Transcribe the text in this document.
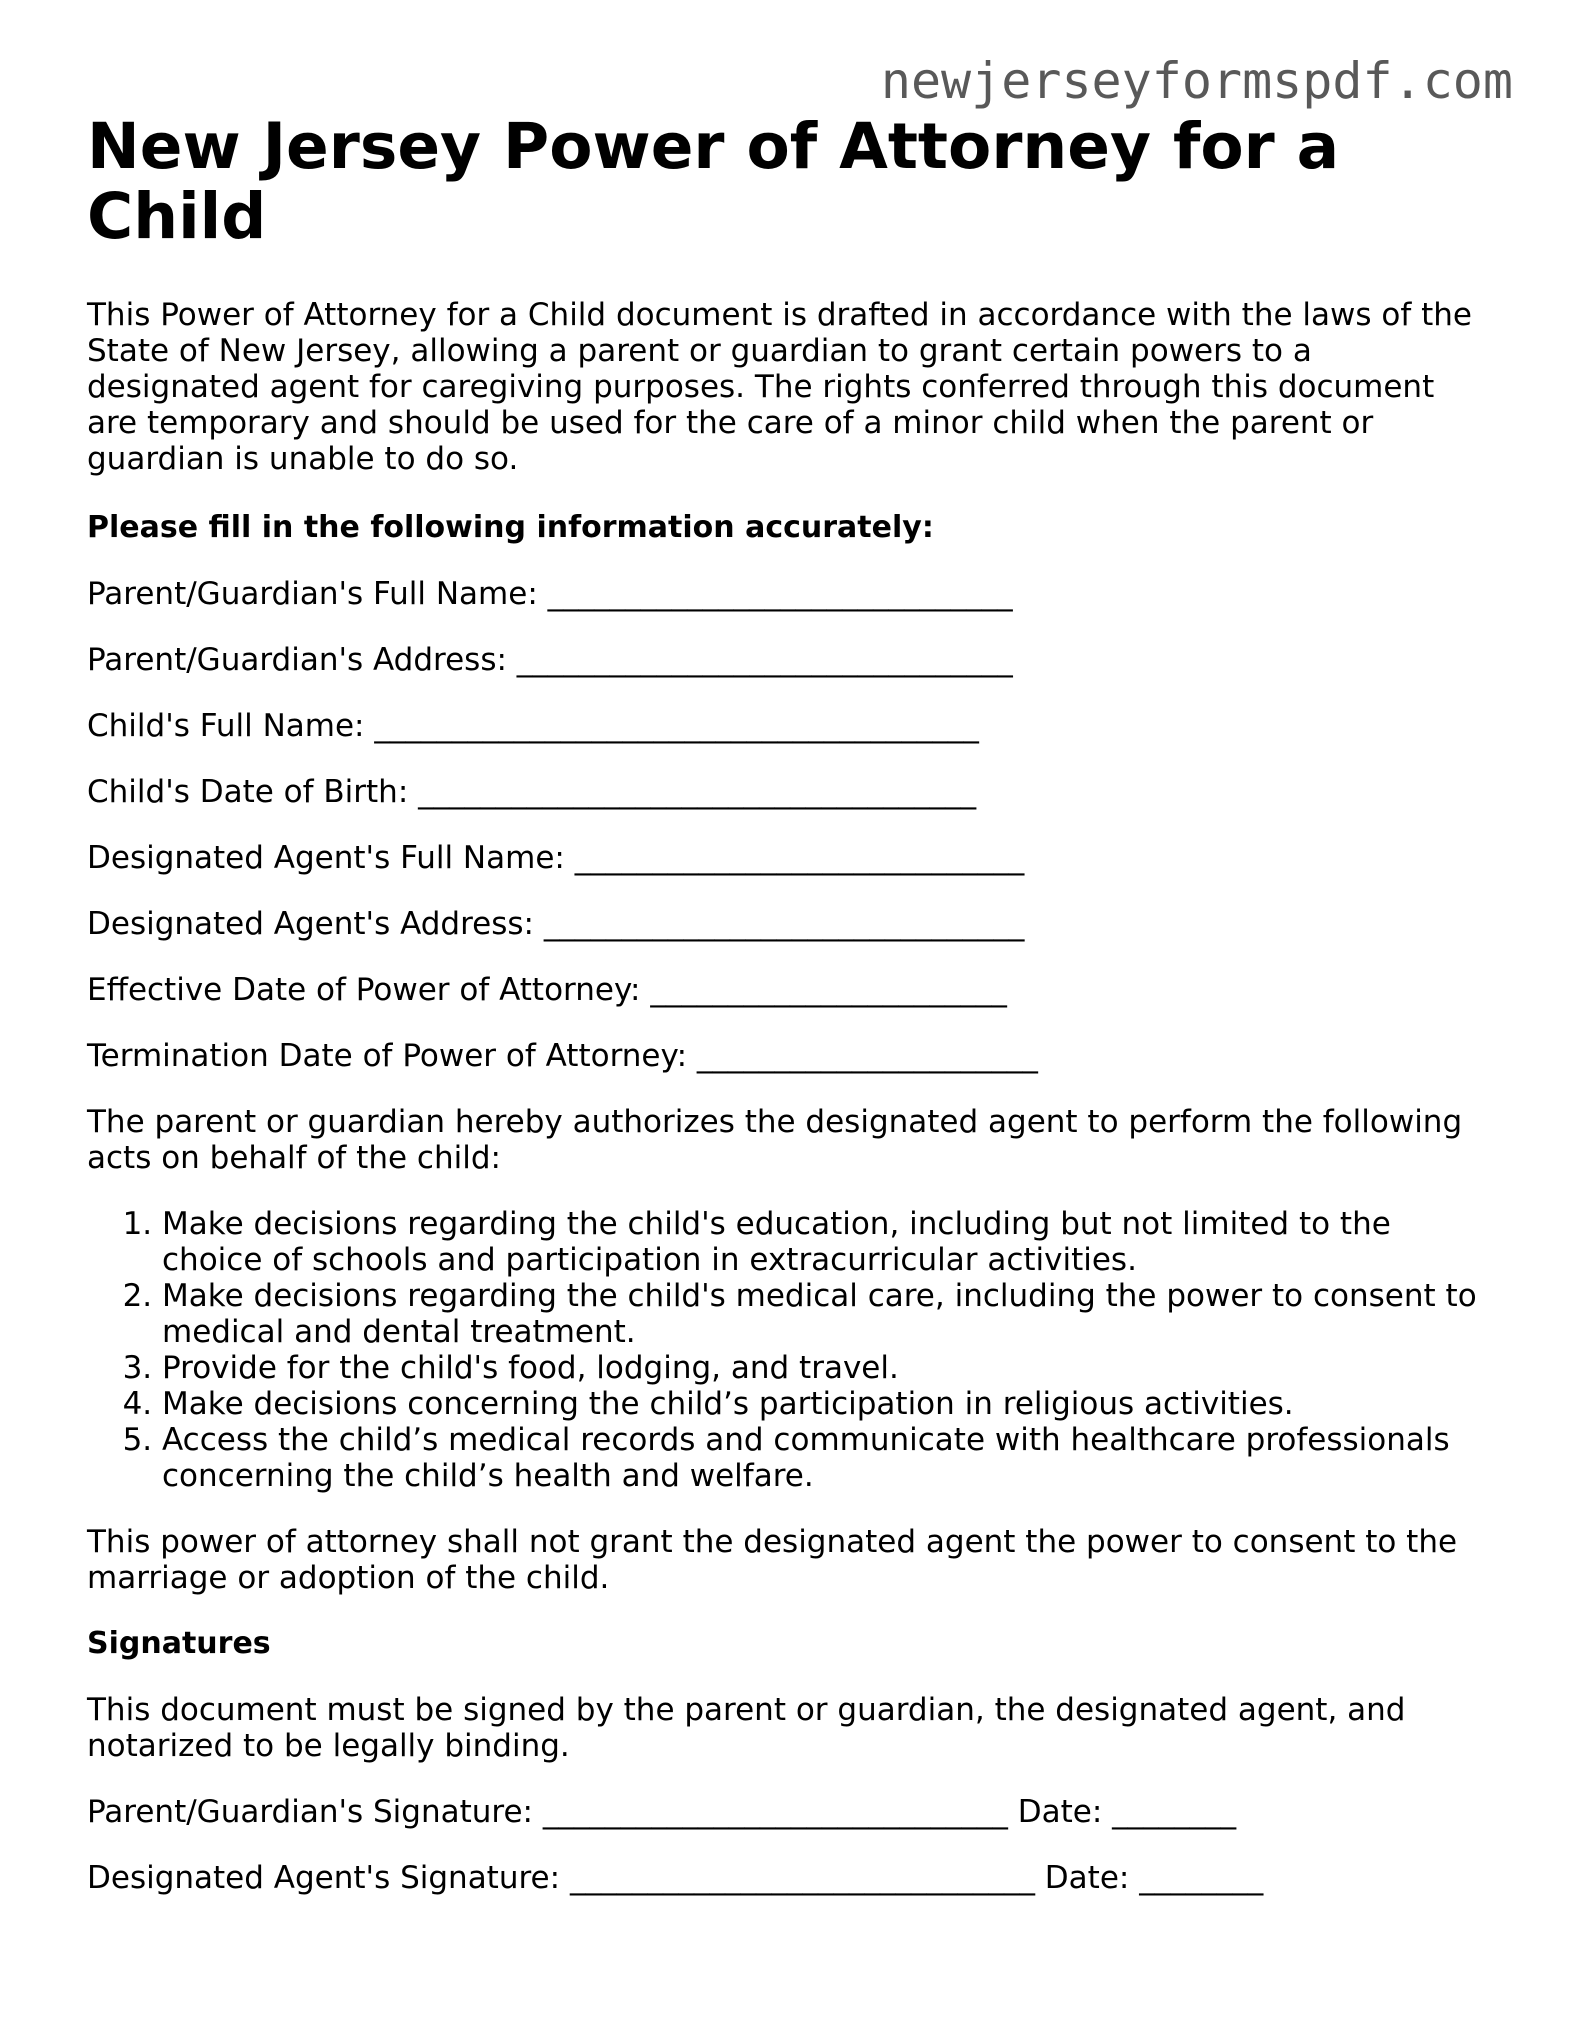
newjerseyformspdf.com
New Jersey Power of Attorney for a Child

This Power of Attorney for a Child document is drafted in accordance with the laws of the State of New Jersey, allowing a parent or guardian to grant certain powers to a designated agent for caregiving purposes. The rights conferred through this document are temporary and should be used for the care of a minor child when the parent or guardian is unable to do so.

Please fill in the following information accurately:

Parent/Guardian's Full Name: ______________________________

Parent/Guardian's Address: ________________________________

Child's Full Name: _______________________________________

Child's Date of Birth: ____________________________________

Designated Agent's Full Name: _____________________________

Designated Agent's Address: _______________________________

Effective Date of Power of Attorney: _______________________

Termination Date of Power of Attorney: ______________________

The parent or guardian hereby authorizes the designated agent to perform the following acts on behalf of the child:

1. Make decisions regarding the child's education, including but not limited to the choice of schools and participation in extracurricular activities.
2. Make decisions regarding the child's medical care, including the power to consent to medical and dental treatment.
3. Provide for the child's food, lodging, and travel.
4. Make decisions concerning the child’s participation in religious activities.
5. Access the child’s medical records and communicate with healthcare professionals concerning the child’s health and welfare.

This power of attorney shall not grant the designated agent the power to consent to the marriage or adoption of the child.

Signatures

This document must be signed by the parent or guardian, the designated agent, and notarized to be legally binding.

Parent/Guardian's Signature: ______________________________ Date: ________

Designated Agent's Signature: ______________________________ Date: ________
